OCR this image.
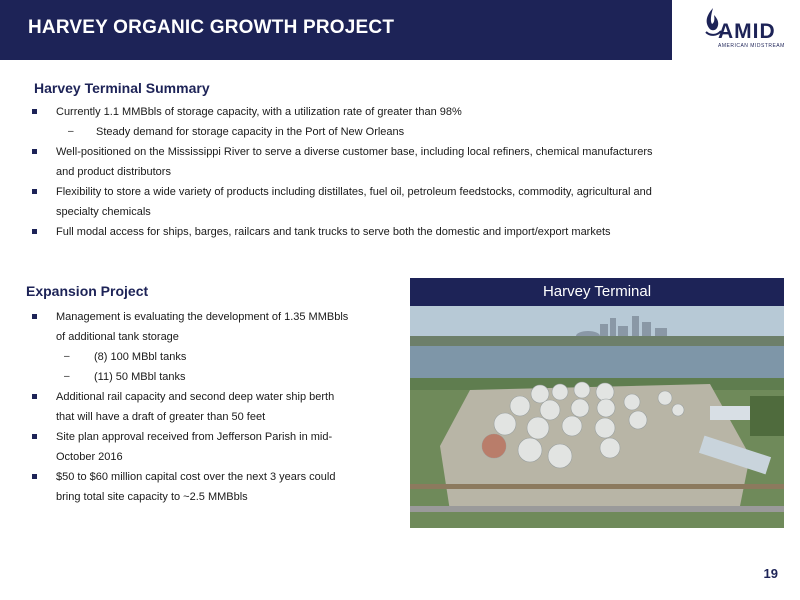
HARVEY ORGANIC GROWTH PROJECT	AMID
AMERICAN MIDSTREAM
Harvey Terminal Summary
Currently 1.1 MMBbls of storage capacity, with a utilization rate of greater than 98%
– Steady demand for storage capacity in the Port of New Orleans
Well-positioned on the Mississippi River to serve a diverse customer base, including local refiners, chemical manufacturers
and product distributors
Flexibility to store a wide variety of products including distillates, fuel oil, petroleum feedstocks, commodity, agricultural and
specialty chemicals
Full modal access for ships, barges, railcars and tank trucks to serve both the domestic and import/export markets
Expansion Project
Management is evaluating the development of 1.35 MMBbls
of additional tank storage
– (8) 100 MBbl tanks
– (11) 50 MBbl tanks
Additional rail capacity and second deep water ship berth
that will have a draft of greater than 50 feet
Site plan approval received from Jefferson Parish in mid-
October 2016
$50 to $60 million capital cost over the next 3 years could
bring total site capacity to ~2.5 MMBbls
Harvey Terminal
19
